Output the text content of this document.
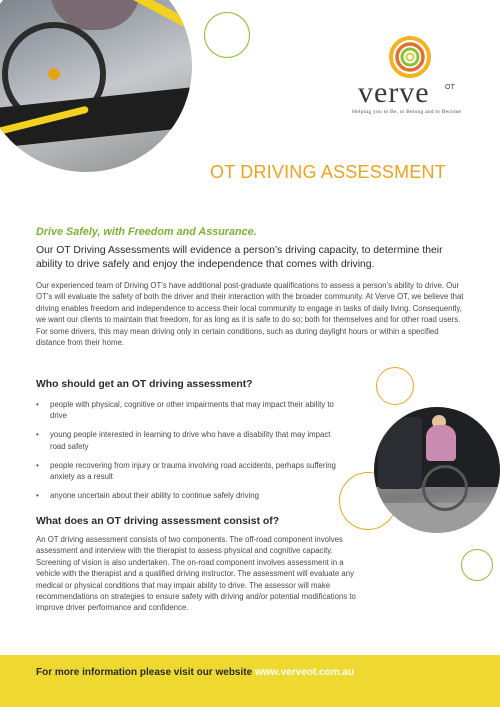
verve OT
Helping you to Be, to Belong and to Become
OT DRIVING ASSESSMENT
Drive Safely, with Freedom and Assurance.

Our OT Driving Assessments will evidence a person’s driving capacity, to determine their ability to drive safely and enjoy the independence that comes with driving.

Our experienced team of Driving OT’s have additional post-graduate qualifications to assess a person’s ability to drive. Our OT’s will evaluate the safety of both the driver and their interaction with the broader community. At Verve OT, we believe that driving enables freedom and independence to access their local community to engage in tasks of daily living. Consequently, we want our clients to maintain that freedom, for as long as it is safe to do so; both for themselves and for other road users. For some drivers, this may mean driving only in certain conditions, such as during daylight hours or within a specified distance from their home.

Who should get an OT driving assessment?
• people with physical, cognitive or other impairments that may impact their ability to drive
• young people interested in learning to drive who have a disability that may impact road safety
• people recovering from injury or trauma involving road accidents, perhaps suffering anxiety as a result
• anyone uncertain about their ability to continue safely driving
What does an OT driving assessment consist of?

An OT driving assessment consists of two components. The off-road component involves assessment and interview with the therapist to assess physical and cognitive capacity. Screening of vision is also undertaken. The on-road component involves assessment in a vehicle with the therapist and a qualified driving instructor. The assessment will evaluate any medical or physical conditions that may impair ability to drive. The assessor will make recommendations on strategies to ensure safety with driving and/or potential modifications to improve driver performance and confidence.

For more information please visit our website www.verveot.com.au
